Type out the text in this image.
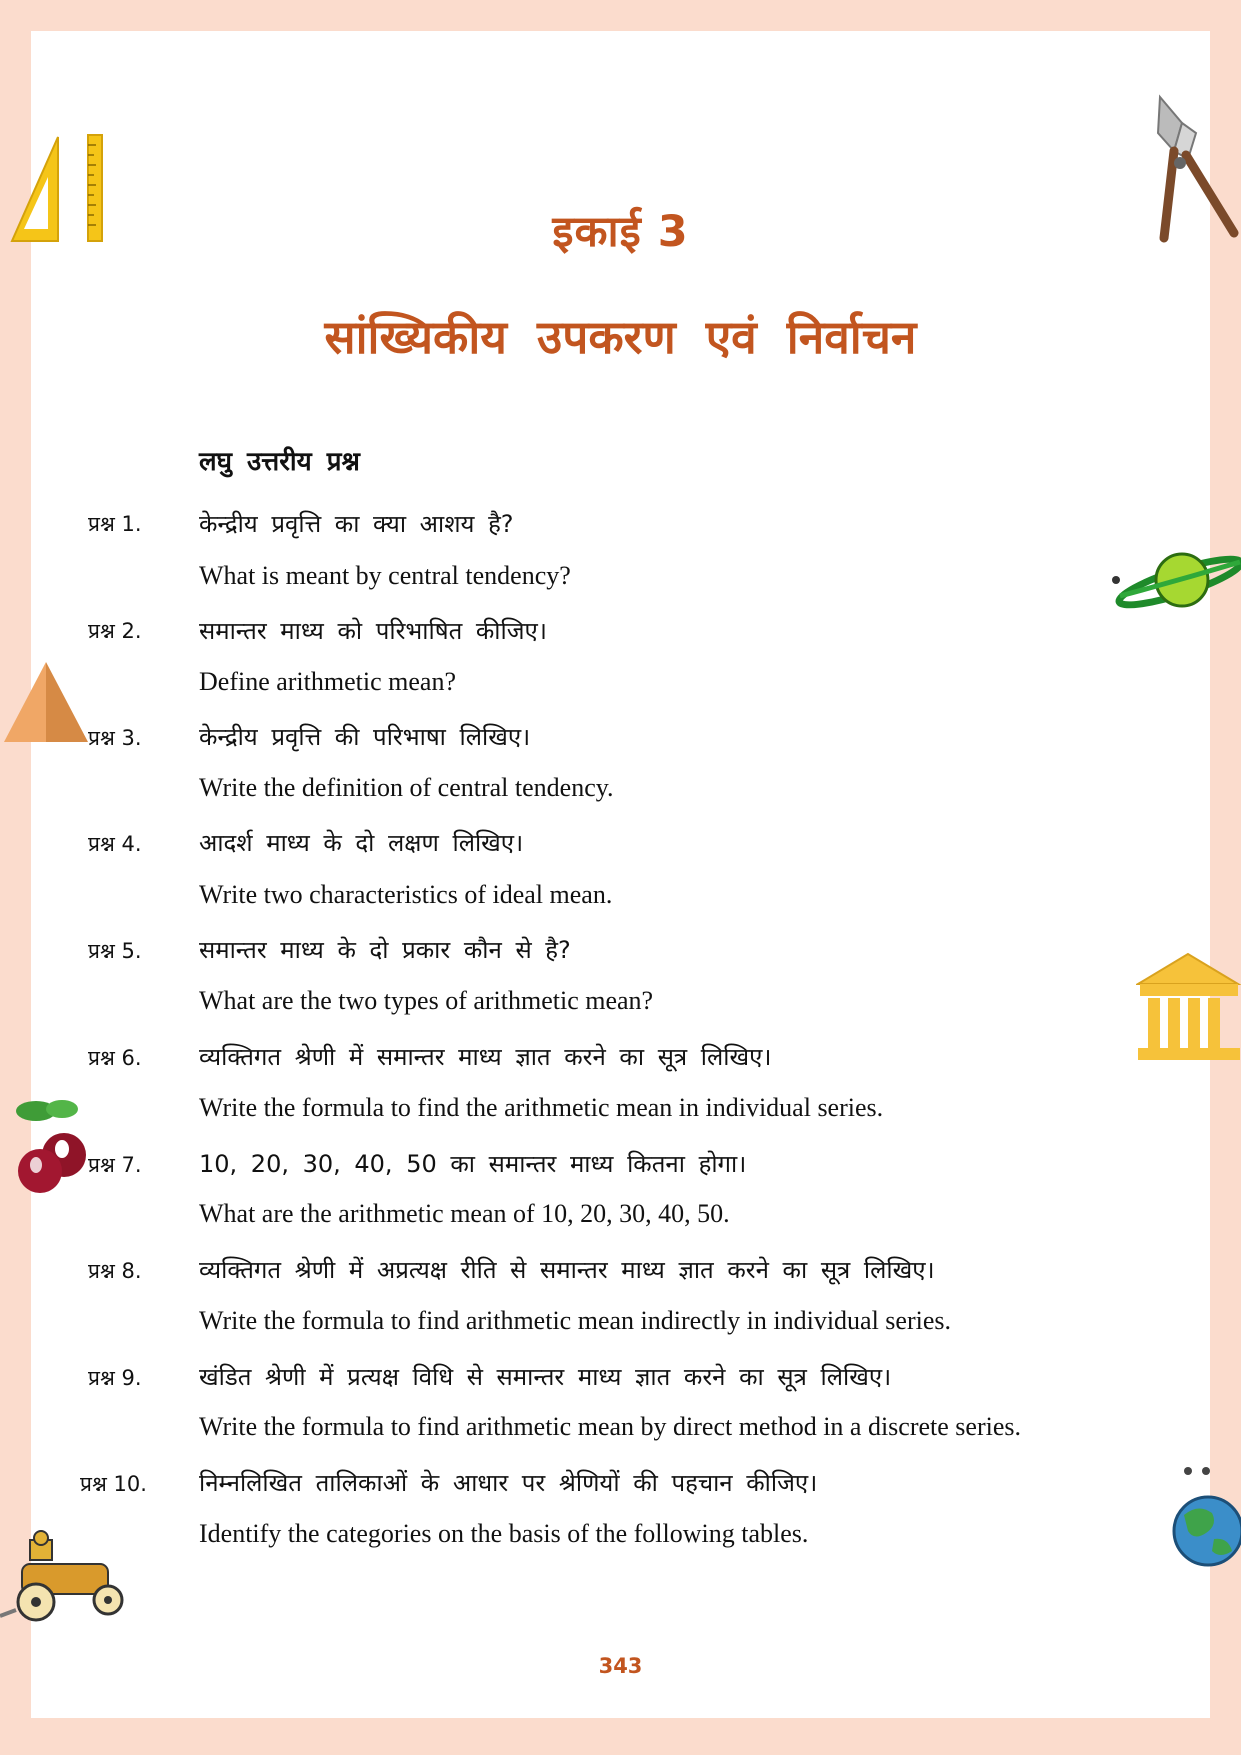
इकाई 3
सांख्यिकीय उपकरण एवं निर्वाचन
लघु उत्तरीय प्रश्न
प्रश्न 1.	केन्द्रीय प्रवृत्ति का क्या आशय है?
What is meant by central tendency?
प्रश्न 2.	समान्तर माध्य को परिभाषित कीजिए।
Define arithmetic mean?
प्रश्न 3.	केन्द्रीय प्रवृत्ति की परिभाषा लिखिए।
Write the definition of central tendency.
प्रश्न 4.	आदर्श माध्य के दो लक्षण लिखिए।
Write two characteristics of ideal mean.
प्रश्न 5.	समान्तर माध्य के दो प्रकार कौन से है?
What are the two types of arithmetic mean?
प्रश्न 6.	व्यक्तिगत श्रेणी में समान्तर माध्य ज्ञात करने का सूत्र लिखिए।
Write the formula to find the arithmetic mean in individual series.
प्रश्न 7.	10, 20, 30, 40, 50 का समान्तर माध्य कितना होगा।
What are the arithmetic mean of 10, 20, 30, 40, 50.
प्रश्न 8.	व्यक्तिगत श्रेणी में अप्रत्यक्ष रीति से समान्तर माध्य ज्ञात करने का सूत्र लिखिए।
Write the formula to find arithmetic mean indirectly in individual series.
प्रश्न 9.	खंडित श्रेणी में प्रत्यक्ष विधि से समान्तर माध्य ज्ञात करने का सूत्र लिखिए।
Write the formula to find arithmetic mean by direct method in a discrete series.
प्रश्न 10.	निम्नलिखित तालिकाओं के आधार पर श्रेणियों की पहचान कीजिए।
Identify the categories on the basis of the following tables.
343
